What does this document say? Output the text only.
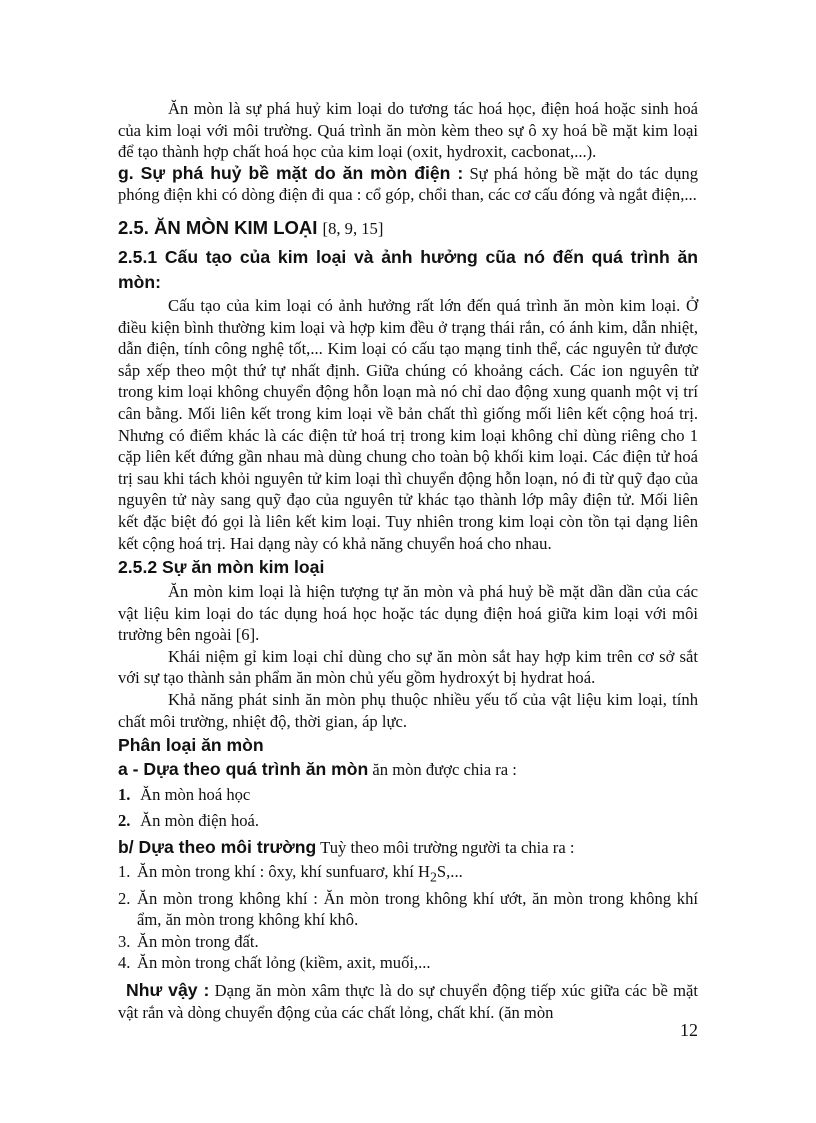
Ăn mòn là sự phá huỷ kim loại do tương tác hoá học, điện hoá hoặc sinh hoá của kim loại với môi trường. Quá trình ăn mòn kèm theo sự ô xy hoá bề mặt kim loại để tạo thành hợp chất hoá học của kim loại (oxit, hydroxit, cacbonat,...).

g. Sự phá huỷ bề mặt do ăn mòn điện : Sự phá hỏng bề mặt do tác dụng phóng điện khi có dòng điện đi qua : cổ góp, chổi than, các cơ cấu đóng và ngắt điện,...

2.5. ĂN MÒN KIM LOẠI [8, 9, 15]
2.5.1 Cấu tạo của kim loại và ảnh hưởng cũa nó đến quá trình ăn mòn:

Cấu tạo của kim loại có ảnh hưởng rất lớn đến quá trình ăn mòn kim loại. Ở điều kiện bình thường kim loại và hợp kim đều ở trạng thái rắn, có ánh kim, dẫn nhiệt, dẫn điện, tính công nghệ tốt,... Kim loại có cấu tạo mạng tinh thể, các nguyên tử được sắp xếp theo một thứ tự nhất định. Giữa chúng có khoảng cách. Các ion nguyên tử trong kim loại không chuyển động hỗn loạn mà nó chỉ dao động xung quanh một vị trí cân bằng. Mối liên kết trong kim loại về bản chất thì giống mối liên kết cộng hoá trị. Nhưng có điểm khác là các điện tử hoá trị trong kim loại không chỉ dùng riêng cho 1 cặp liên kết đứng gần nhau mà dùng chung cho toàn bộ khối kim loại. Các điện tử hoá trị sau khi tách khỏi nguyên tử kim loại thì chuyển động hỗn loạn, nó đi từ quỹ đạo của nguyên tử này sang quỹ đạo của nguyên tử khác tạo thành lớp mây điện tử. Mối liên kết đặc biệt đó gọi là liên kết kim loại. Tuy nhiên trong kim loại còn tồn tại dạng liên kết cộng hoá trị. Hai dạng này có khả năng chuyển hoá cho nhau.

2.5.2 Sự ăn mòn kim loại

Ăn mòn kim loại là hiện tượng tự ăn mòn và phá huỷ bề mặt dần dần của các vật liệu kim loại do tác dụng hoá học hoặc tác dụng điện hoá giữa kim loại với môi trường bên ngoài [6].

Khái niệm gỉ kim loại chỉ dùng cho sự ăn mòn sắt hay hợp kim trên cơ sở sắt với sự tạo thành sản phẩm ăn mòn chủ yếu gồm hydroxýt bị hydrat hoá.

Khả năng phát sinh ăn mòn phụ thuộc nhiều yếu tố của vật liệu kim loại, tính chất môi trường, nhiệt độ, thời gian, áp lực.

Phân loại ăn mòn

a - Dựa theo quá trình ăn mòn ăn mòn được chia ra :

1. Ăn mòn hoá học
2. Ăn mòn điện hoá.

b/ Dựa theo môi trường Tuỳ theo môi trường người ta chia ra :

1. Ăn mòn trong khí : ôxy, khí sunfuarơ, khí $H_2S$,...
2. Ăn mòn trong không khí : Ăn mòn trong không khí ướt, ăn mòn trong không khí ẩm, ăn mòn trong không khí khô.
3. Ăn mòn trong đất.
4. Ăn mòn trong chất lỏng (kiềm, axit, muối,...

Như vậy : Dạng ăn mòn xâm thực là do sự chuyển động tiếp xúc giữa các bề mặt vật rắn và dòng chuyển động của các chất lỏng, chất khí. (ăn mòn

12
